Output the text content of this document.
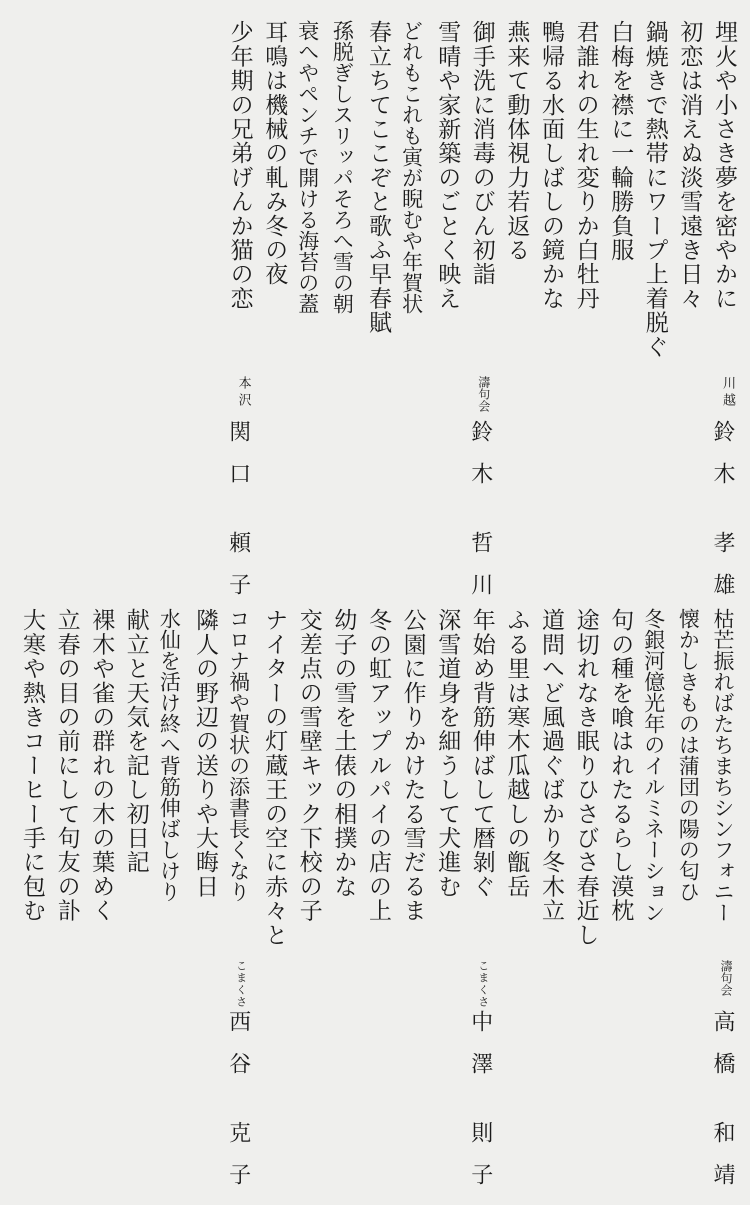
埋火や小さき夢を密やかに
初恋は消えぬ淡雪遠き日々
鍋焼きで熱帯にワープ上着脱ぐ
白梅を襟に一輪勝負服
君誰れの生れ変りか白牡丹
鴨帰る水面しばしの鏡かな
燕来て動体視力若返る
川越
鈴木 孝雄
御手洗に消毒のびん初詣
雪晴や家新築のごとく映え
どれもこれも寅が睨むや年賀状
春立ちてここぞと歌ふ早春賦
孫脱ぎしスリッパそろへ雪の朝
衰へやペンチで開ける海苔の蓋
耳鳴は機械の軋み冬の夜
濤句会
鈴木 哲川
少年期の兄弟げんか猫の恋
本沢
関口 頼子
枯芒振ればたちまちシンフォニー
懐かしきものは蒲団の陽の匂ひ
冬銀河億光年のイルミネーション
句の種を喰はれたるらし漠枕
途切れなき眠りひさびさ春近し
道問へど風過ぐばかり冬木立
ふる里は寒木瓜越しの甑岳
濤句会
高橋 和靖
年始め背筋伸ばして暦剝ぐ
深雪道身を細うして犬進む
公園に作りかけたる雪だるま
冬の虹アップルパイの店の上
幼子の雪を土俵の相撲かな
交差点の雪壁キック下校の子
ナイターの灯蔵王の空に赤々と
こまくさ
中澤 則子
コロナ禍や賀状の添書長くなり
隣人の野辺の送りや大晦日
水仙を活け終へ背筋伸ばしけり
献立と天気を記し初日記
裸木や雀の群れの木の葉めく
立春の目の前にして句友の訃
大寒や熱きコーヒー手に包む
こまくさ
西谷 克子
